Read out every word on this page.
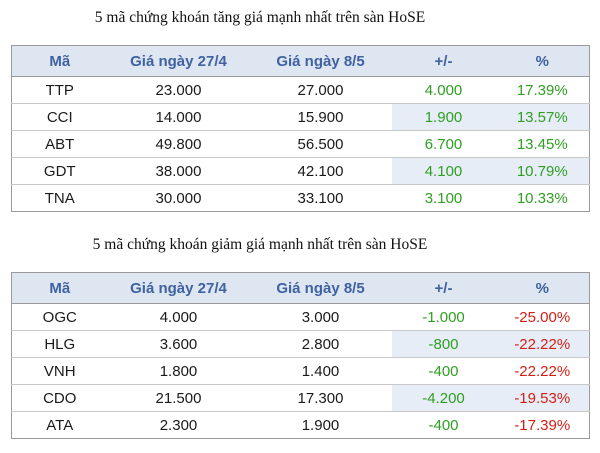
5 mã chứng khoán tăng giá mạnh nhất trên sàn HoSE
Mã	Giá ngày 27/4	Giá ngày 8/5	+/-	%
TTP	23.000	27.000	4.000	17.39%
CCI	14.000	15.900	1.900	13.57%
ABT	49.800	56.500	6.700	13.45%
GDT	38.000	42.100	4.100	10.79%
TNA	30.000	33.100	3.100	10.33%
5 mã chứng khoán giảm giá mạnh nhất trên sàn HoSE
Mã	Giá ngày 27/4	Giá ngày 8/5	+/-	%
OGC	4.000	3.000	-1.000	-25.00%
HLG	3.600	2.800	-800	-22.22%
VNH	1.800	1.400	-400	-22.22%
CDO	21.500	17.300	-4.200	-19.53%
ATA	2.300	1.900	-400	-17.39%
